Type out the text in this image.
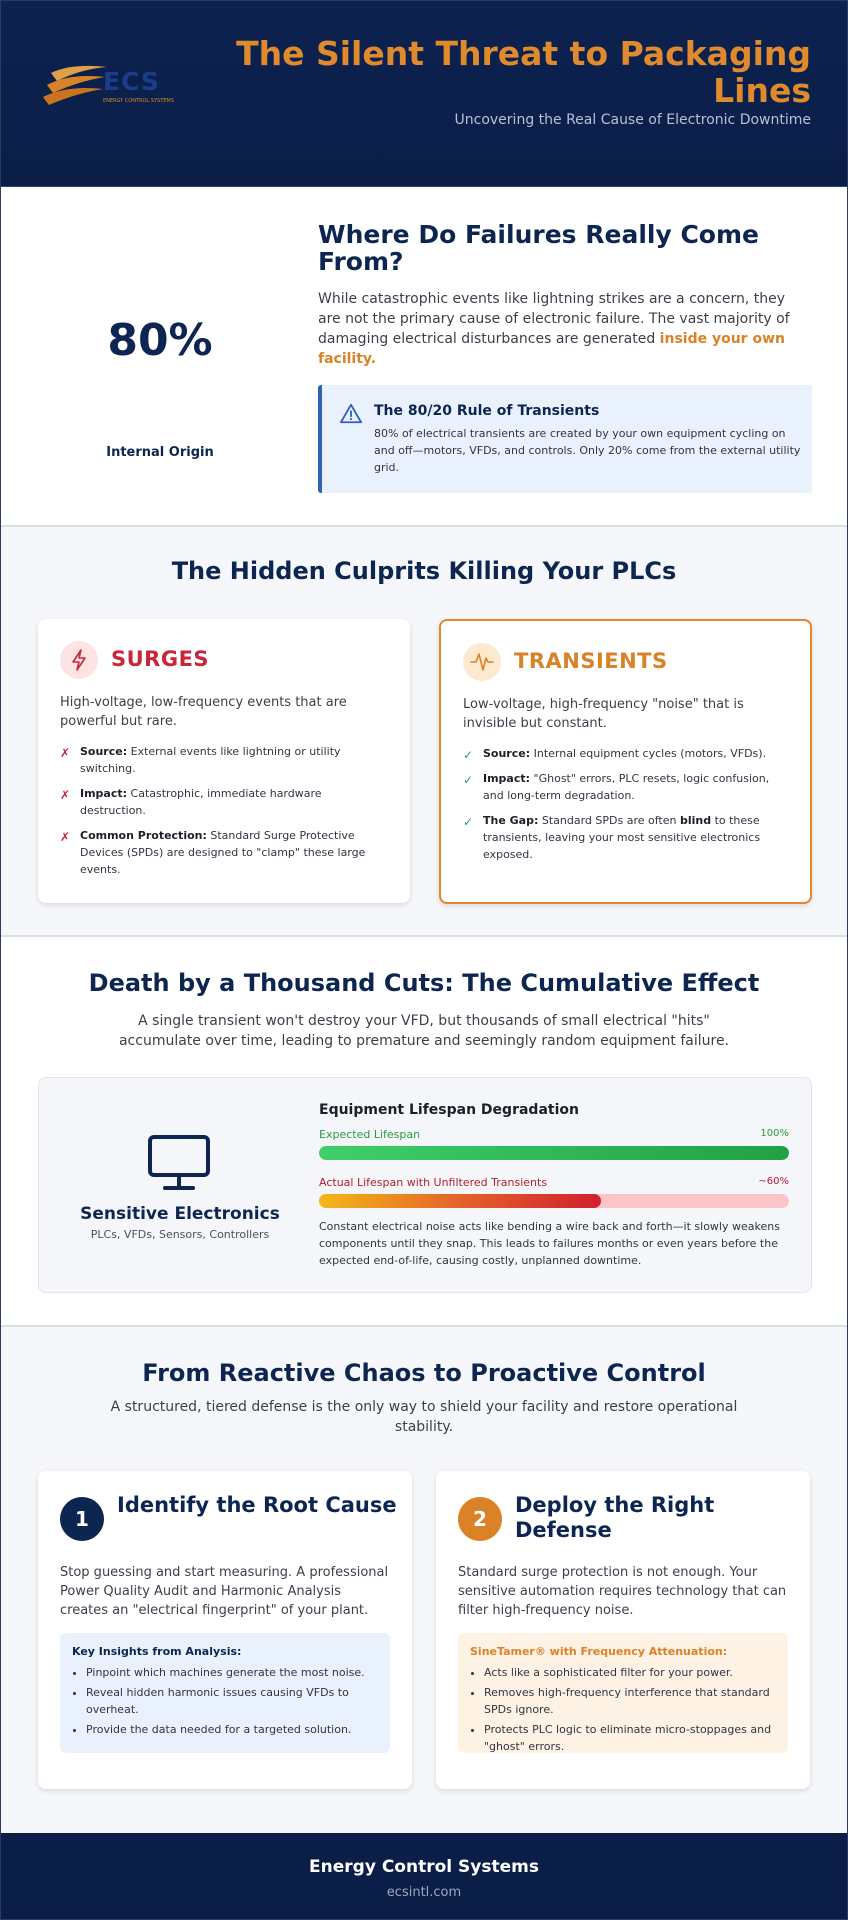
ECS
ENERGY CONTROL SYSTEMS
The Silent Threat to Packaging Lines
Uncovering the Real Cause of Electronic Downtime
80%
Internal Origin
Where Do Failures Really Come From?
While catastrophic events like lightning strikes are a concern, they are not the primary cause of electronic failure. The vast majority of damaging electrical disturbances are generated inside your own facility.
The 80/20 Rule of Transients
80% of electrical transients are created by your own equipment cycling on and off—motors, VFDs, and controls. Only 20% come from the external utility grid.
The Hidden Culprits Killing Your PLCs
SURGES
High-voltage, low-frequency events that are powerful but rare.
✗ Source: External events like lightning or utility switching.
✗ Impact: Catastrophic, immediate hardware destruction.
✗ Common Protection: Standard Surge Protective Devices (SPDs) are designed to "clamp" these large events.
TRANSIENTS
Low-voltage, high-frequency "noise" that is invisible but constant.
✓ Source: Internal equipment cycles (motors, VFDs).
✓ Impact: "Ghost" errors, PLC resets, logic confusion, and long-term degradation.
✓ The Gap: Standard SPDs are often blind to these transients, leaving your most sensitive electronics exposed.
Death by a Thousand Cuts: The Cumulative Effect
A single transient won't destroy your VFD, but thousands of small electrical "hits" accumulate over time, leading to premature and seemingly random equipment failure.
Sensitive Electronics
PLCs, VFDs, Sensors, Controllers
Equipment Lifespan Degradation
Expected Lifespan	100%
Actual Lifespan with Unfiltered Transients	~60%
Constant electrical noise acts like bending a wire back and forth—it slowly weakens components until they snap. This leads to failures months or even years before the expected end-of-life, causing costly, unplanned downtime.
From Reactive Chaos to Proactive Control
A structured, tiered defense is the only way to shield your facility and restore operational stability.
1
Identify the Root Cause
Stop guessing and start measuring. A professional Power Quality Audit and Harmonic Analysis creates an "electrical fingerprint" of your plant.
Key Insights from Analysis:
• Pinpoint which machines generate the most noise.
• Reveal hidden harmonic issues causing VFDs to overheat.
• Provide the data needed for a targeted solution.
2
Deploy the Right Defense
Standard surge protection is not enough. Your sensitive automation requires technology that can filter high-frequency noise.
SineTamer® with Frequency Attenuation:
• Acts like a sophisticated filter for your power.
• Removes high-frequency interference that standard SPDs ignore.
• Protects PLC logic to eliminate micro-stoppages and "ghost" errors.
Energy Control Systems
ecsintl.com
